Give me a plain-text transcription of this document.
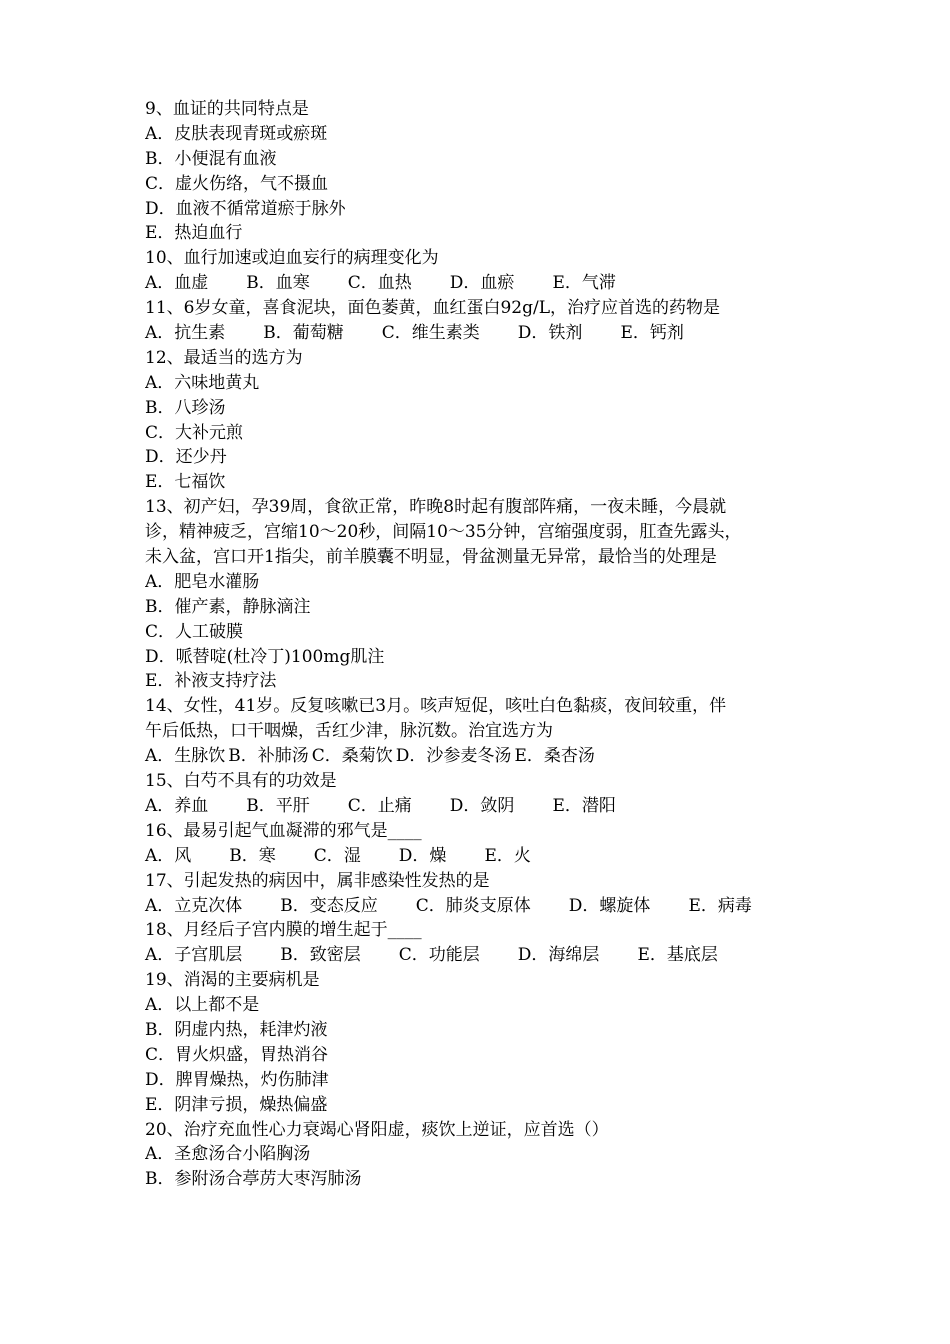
9、血证的共同特点是
A．皮肤表现青斑或瘀斑
B．小便混有血液
C．虚火伤络，气不摄血
D．血液不循常道瘀于脉外
E．热迫血行
10、血行加速或迫血妄行的病理变化为
A．血虚 B．血寒 C．血热 D．血瘀 E．气滞
11、6岁女童，喜食泥块，面色萎黄，血红蛋白92g/L，治疗应首选的药物是
A．抗生素 B．葡萄糖 C．维生素类 D．铁剂 E．钙剂
12、最适当的选方为
A．六味地黄丸
B．八珍汤
C．大补元煎
D．还少丹
E．七福饮
13、初产妇，孕39周，食欲正常，昨晚8时起有腹部阵痛，一夜未睡，今晨就
诊，精神疲乏，宫缩10～20秒，间隔10～35分钟，宫缩强度弱，肛查先露头，
未入盆，宫口开1指尖，前羊膜囊不明显，骨盆测量无异常，最恰当的处理是
A．肥皂水灌肠
B．催产素，静脉滴注
C．人工破膜
D．哌替啶(杜冷丁)100mg肌注
E．补液支持疗法
14、女性，41岁。反复咳嗽已3月。咳声短促，咳吐白色黏痰，夜间较重，伴
午后低热，口干咽燥，舌红少津，脉沉数。治宜选方为
A．生脉饮 B．补肺汤 C．桑菊饮 D．沙参麦冬汤 E．桑杏汤
15、白芍不具有的功效是
A．养血 B．平肝 C．止痛 D．敛阴 E．潜阳
16、最易引起气血凝滞的邪气是____
A．风 B．寒 C．湿 D．燥 E．火
17、引起发热的病因中，属非感染性发热的是
A．立克次体 B．变态反应 C．肺炎支原体 D．螺旋体 E．病毒
18、月经后子宫内膜的增生起于____
A．子宫肌层 B．致密层 C．功能层 D．海绵层 E．基底层
19、消渴的主要病机是
A．以上都不是
B．阴虚内热，耗津灼液
C．胃火炽盛，胃热消谷
D．脾胃燥热，灼伤肺津
E．阴津亏损，燥热偏盛
20、治疗充血性心力衰竭心肾阳虚，痰饮上逆证，应首选（）
A．圣愈汤合小陷胸汤
B．参附汤合葶苈大枣泻肺汤
